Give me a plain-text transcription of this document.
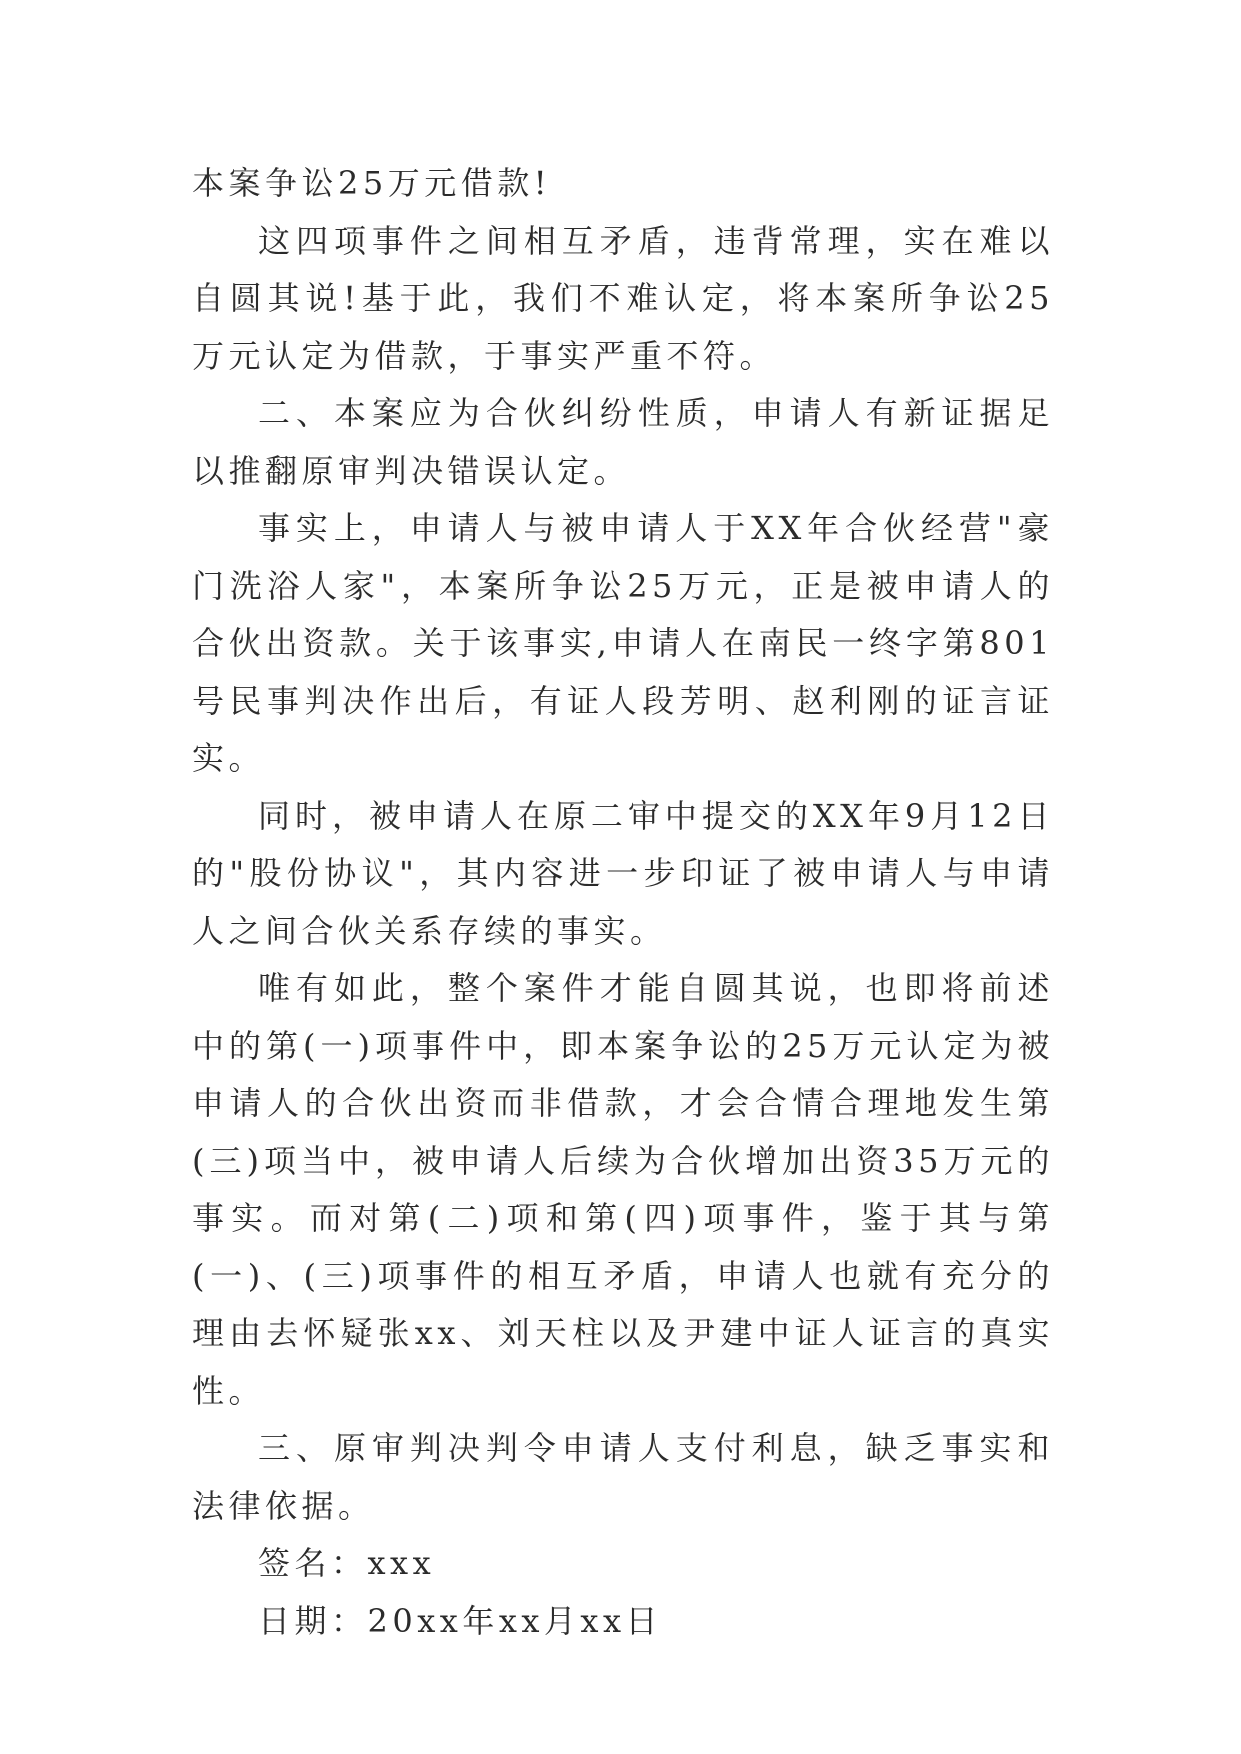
本案争讼25万元借款!

这四项事件之间相互矛盾，违背常理，实在难以自圆其说!基于此，我们不难认定，将本案所争讼25万元认定为借款，于事实严重不符。

二、本案应为合伙纠纷性质，申请人有新证据足以推翻原审判决错误认定。

事实上，申请人与被申请人于XX年合伙经营"豪门洗浴人家"，本案所争讼25万元，正是被申请人的合伙出资款。关于该事实,申请人在南民一终字第801号民事判决作出后，有证人段芳明、赵利刚的证言证实。

同时，被申请人在原二审中提交的XX年9月12日的"股份协议"，其内容进一步印证了被申请人与申请人之间合伙关系存续的事实。

唯有如此，整个案件才能自圆其说，也即将前述中的第(一)项事件中，即本案争讼的25万元认定为被申请人的合伙出资而非借款，才会合情合理地发生第(三)项当中，被申请人后续为合伙增加出资35万元的事实。而对第(二)项和第(四)项事件，鉴于其与第(一)、(三)项事件的相互矛盾，申请人也就有充分的理由去怀疑张xx、刘天柱以及尹建中证人证言的真实性。

三、原审判决判令申请人支付利息，缺乏事实和法律依据。

签名：xxx

日期：20xx年xx月xx日
